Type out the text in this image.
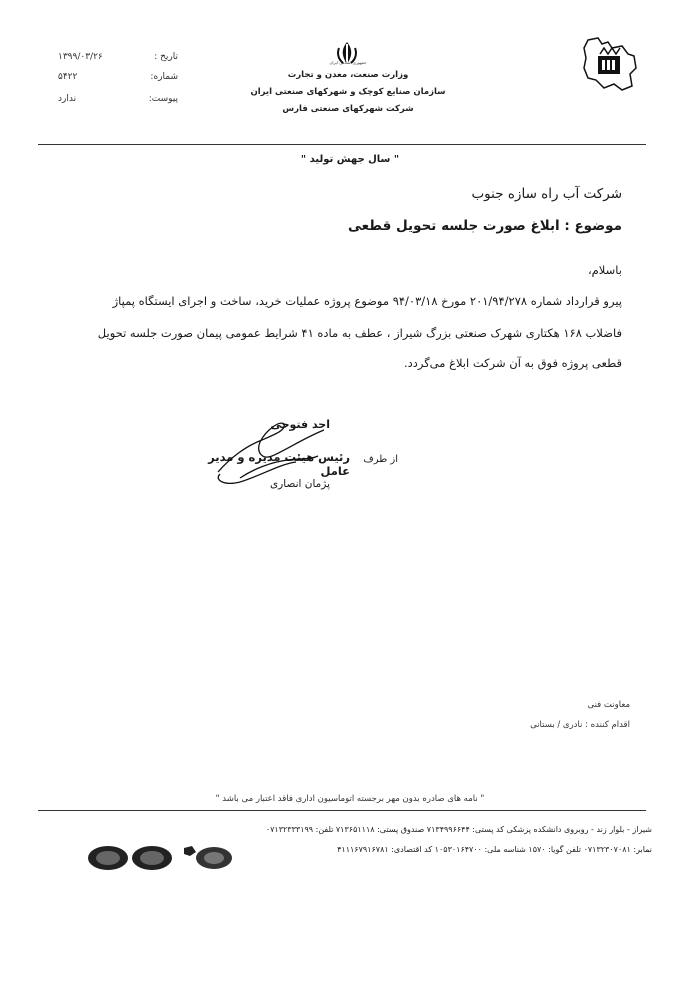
جمهوری اسلامی ایران
وزارت صنعت، معدن و تجارت
سازمان صنایع کوچک و شهرکهای صنعتی ایران
شرکت شهرکهای صنعتی فارس
تاریخ :
۱۳۹۹/۰۳/۲۶
شماره:
۵۴۲۲
پیوست:
ندارد
" سال جهش تولید "
شرکت آب راه سازه جنوب
موضوع : ابلاغ صورت جلسه تحویل قطعی
باسلام،
پیرو قرارداد شماره ۲۰۱/۹۴/۲۷۸ مورخ ۹۴/۰۳/۱۸ موضوع پروژه عملیات خرید، ساخت و اجرای ایستگاه پمپاژ
فاضلاب ۱۶۸ هکتاری شهرک صنعتی بزرگ شیراز ، عطف به ماده ۴۱ شرایط عمومی پیمان صورت جلسه تحویل
قطعی پروژه فوق به آن شرکت ابلاغ می‌گردد.
احد فتوحی
از طرف
رئیس هیئت مدیره و مدیر عامل
پژمان انصاری
معاونت فنی
اقدام کننده : نادری / بستانی
" نامه های صادره بدون مهر برجسته اتوماسیون اداری فاقد اعتبار می باشد "
شیراز - بلوار زند - روبروی دانشکده پزشکی کد پستی: ۷۱۳۴۹۹۶۶۴۴ صندوق پستی: ۷۱۳۶۵۱۱۱۸ تلفن: ۰۷۱۳۲۳۳۳۱۹۹
نمابر: ۰۷۱۳۲۳۰۷۰۸۱ تلفن گویا: ۱۵۷۰ شناسه ملی: ۱۰۵۳۰۱۶۴۷۰۰ کد اقتصادی: ۴۱۱۱۶۷۹۱۶۷۸۱
